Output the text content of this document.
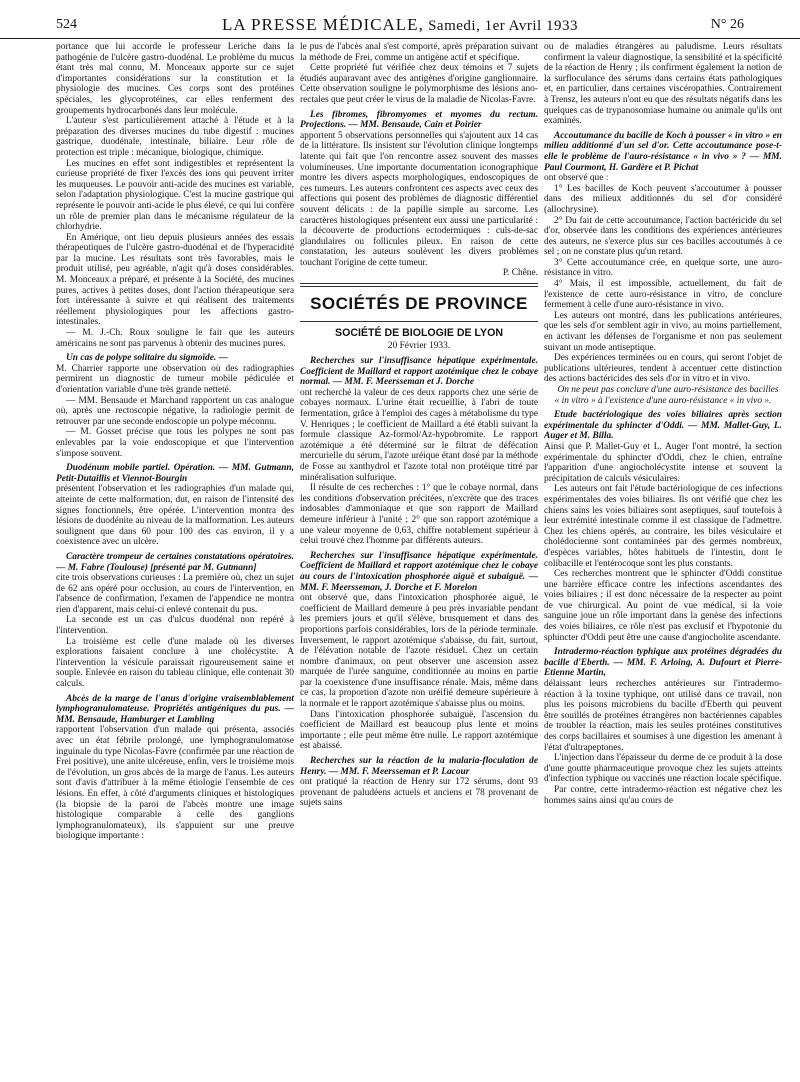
524	LA PRESSE MÉDICALE, Samedi, 1er Avril 1933	N° 26

portance que lui accorde le professeur Leriche dans la pathogénie de l'ulcère gastro-duodénal. Le problème du mucus étant très mal connu, M. Monceaux apporte sur ce sujet d'importantes considérations sur la constitution et la physiologie des mucines. Ces corps sont des protéines spéciales, les glycoprotéines, car elles renferment des groupements hydrocarbonés dans leur molécule.

L'auteur s'est particulièrement attaché à l'étude et à la préparation des diverses mucines du tube digestif : mucines gastrique, duodénale, intestinale, biliaire. Leur rôle de protection est triple : mécanique, biologique, chimique.

Les mucines en effet sont indigestibles et représentent la curieuse propriété de fixer l'excès des ions qui peuvent irriter les muqueuses. Le pouvoir anti-acide des mucines est variable, selon l'adaptation physiologique. C'est la mucine gastrique qui représente le pouvoir anti-acide le plus élevé, ce qui lui confère un rôle de premier plan dans le mécanisme régulateur de la chlorhydrie.

En Amérique, ont lieu depuis plusieurs années des essais thérapeutiques de l'ulcère gastro-duodénal et de l'hyperacidité par la mucine. Les résultats sont très favorables, mais le produit utilisé, peu agréable, n'agit qu'à doses considérables. M. Monceaux a préparé, et présente à la Société, des mucines pures, actives à petites doses, dont l'action thérapeutique sera fort intéressante à suivre et qui réalisent des traitements réellement physiologiques pour les affections gastro-intestinales.

— M. J.-Ch. Roux souligne le fait que les auteurs américains ne sont pas parvenus à obtenir des mucines pures.

Un cas de polype solitaire du sigmoïde. —

M. Charrier rapporte une observation où des radiographies permirent un diagnostic de tumeur mobile pédiculée et d'orientation variable d'une très grande netteté.

— MM. Bensaude et Marchand rapportent un cas analogue où, après une rectoscopie négative, la radiologie permit de retrouver par une seconde endoscopie un polype méconnu.

— M. Gosset précise que tous les polypes ne sont pas enlevables par la voie endoscopique et que l'intervention s'impose souvent.

Duodénum mobile partiel. Opération. — MM. Gutmann, Petit-Dutaillis et Viennot-Bourgin

présentent l'observation et les radiographies d'un malade qui, atteinte de cette malformation, dut, en raison de l'intensité des signes fonctionnels, être opérée. L'intervention montra des lésions de duodénite au niveau de la malformation. Les auteurs soulignent que dans 60 pour 100 des cas environ, il y a coexistence avec un ulcère.

Caractère trompeur de certaines constatations opératoires. — M. Fabre (Toulouse) [présenté par M. Gutmann]

cite trois observations curieuses : La première où, chez un sujet de 62 ans opéré pour occlusion, au cours de l'intervention, en l'absence de confirmation, l'examen de l'appendice ne montra rien d'apparent, mais celui-ci enlevé contenait du pus.

La seconde est un cas d'ulcus duodénal non repéré à l'intervention.

La troisième est celle d'une malade où les diverses explorations faisaient conclure à une cholécystite. A l'intervention la vésicule paraissait rigoureusement saine et souple. Enlevée en raison du tableau clinique, elle contenait 30 calculs.

Abcès de la marge de l'anus d'origine vraisemblablement lymphogranulomateuse. Propriétés antigéniques du pus. — MM. Bensaude, Hamburger et Lambling

rapportent l'observation d'un malade qui présenta, associés avec un état fébrile prolongé, une lymphogranulomatose inguinale du type Nicolas-Favre (confirmée par une réaction de Frei positive), une anite ulcéreuse, enfin, vers le troisième mois de l'évolution, un gros abcès de la marge de l'anus. Les auteurs sont d'avis d'attribuer à la même étiologie l'ensemble de ces lésions. En effet, à côté d'arguments cliniques et histologiques (la biopsie de la paroi de l'abcès montre une image histologique comparable à celle des ganglions lymphogranulomateux), ils s'appuient sur une preuve biologique importante :

le pus de l'abcès anal s'est comporté, après préparation suivant la méthode de Frei, comme un antigène actif et spécifique.

Cette propriété fut vérifiée chez deux témoins et 7 sujets étudiés auparavant avec des antigènes d'origine ganglionnaire. Cette observation souligne le polymorphisme des lésions ano-rectales que peut créer le virus de la maladie de Nicolas-Favre.

Les fibromes, fibromyomes et myomes du rectum. Projections. — MM. Bensaude, Cain et Poirier

apportent 5 observations personnelles qui s'ajoutent aux 14 cas de la littérature. Ils insistent sur l'évolution clinique longtemps latente qui fait que l'on rencontre assez souvent des masses volumineuses. Une importante documentation iconographique montre les divers aspects morphologiques, endoscopiques de ces tumeurs. Les auteurs confrontent ces aspects avec ceux des affections qui posent des problèmes de diagnostic différentiel souvent délicats : de la papille simple au sarcome. Les caractères histologiques présentent eux aussi une particularité : la découverte de productions ectodermiques : culs-de-sac glandulaires ou follicules pileux. En raison de cette constatation, les auteurs soulèvent les divers problèmes touchant l'origine de cette tumeur.

P. Chêne.

SOCIÉTÉS DE PROVINCE
SOCIÉTÉ DE BIOLOGIE DE LYON
20 Février 1933.
Recherches sur l'insuffisance hépatique expérimentale. Coefficient de Maillard et rapport azotémique chez le cobaye normal. — MM. F. Meersseman et J. Dorche

ont recherché la valeur de ces deux rapports chez une série de cobayes normaux. L'urine était recueillie, à l'abri de toute fermentation, grâce à l'emploi des cages à métabolisme du type V. Henriques ; le coefficient de Maillard a été établi suivant la formule classique Az-formol/Az-hypobromite. Le rapport azotémique a été déterminé sur le filtrat de défécation mercurielle du sérum, l'azote uréique étant dosé par la méthode de Fosse au xanthydrol et l'azote total non protéique titré par minéralisation sulfurique.

Il résulte de ces recherches : 1° que le cobaye normal, dans les conditions d'observation précitées, n'excrète que des traces indosables d'ammoniaque et que son rapport de Maillard demeure inférieur à l'unité ; 2° que son rapport azotémique a une valeur moyenne de 0,63, chiffre notablement supérieur à celui trouvé chez l'homme par différents auteurs.

Recherches sur l'insuffisance hépatique expérimentale. Coefficient de Maillard et rapport azotémique chez le cobaye au cours de l'intoxication phosphorée aiguë et subaiguë. — MM. F. Meersseman, J. Dorche et F. Morelon

ont observé que, dans l'intoxication phosphorée aiguë, le coefficient de Maillard demeure à peu près invariable pendant les premiers jours et qu'il s'élève, brusquement et dans des proportions parfois considérables, lors de la période terminale. Inversement, le rapport azotémique s'abaisse, du fait, surtout, de l'élévation notable de l'azote résiduel. Chez un certain nombre d'animaux, on peut observer une ascension assez marquée de l'urée sanguine, conditionnée au moins en partie par la coexistence d'une insuffisance rénale. Mais, même dans ce cas, la proportion d'azote non uréifié demeure supérieure à la normale et le rapport azotémique s'abaisse plus ou moins.

Dans l'intoxication phosphorée subaiguë, l'ascension du coefficient de Maillard est beaucoup plus lente et moins importante ; elle peut même être nulle. Le rapport azotémique est abaissé.

Recherches sur la réaction de la malaria-floculation de Henry. — MM. F. Meersseman et P. Lacour

ont pratiqué la réaction de Henry sur 172 sérums, dont 93 provenant de paludéens actuels et anciens et 78 provenant de sujets sains

ou de maladies étrangères au paludisme. Leurs résultats confirment la valeur diagnostique, la sensibilité et la spécificité de la réaction de Henry ; ils confirment également la notion de la surfloculance des sérums dans certains états pathologiques et, en particulier, dans certaines viscéropathies. Contrairement à Trensz, les auteurs n'ont eu que des résultats négatifs dans les quelques cas de trypanosomiase humaine ou animale qu'ils ont examinés.

Accoutumance du bacille de Koch à pousser « in vitro » en milieu additionné d'un sel d'or. Cette accoutumance pose-t-elle le problème de l'auro-résistance « in vivo » ? — MM. Paul Courmont, H. Gardère et P. Pichat

ont observé que :

1° Les bacilles de Koch peuvent s'accoutumer à pousser dans des milieux additionnés du sel d'or considéré (allochrysine).

2° Du fait de cette accoutumance, l'action bactéricide du sel d'or, observée dans les conditions des expériences antérieures des auteurs, ne s'exerce plus sur ces bacilles accoutumés à ce sel ; on ne constate plus qu'un retard.

3° Cette accoutumance crée, en quelque sorte, une auro-résistance in vitro.

4° Mais, il est impossible, actuellement, du fait de l'existence de cette auro-résistance in vitro, de conclure fermement à celle d'une auro-résistance in vivo.

Les auteurs ont montré, dans les publications antérieures, que les sels d'or semblent agir in vivo, au moins partiellement, en activant les défenses de l'organisme et non pas seulement suivant un mode antiseptique.

Des expériences terminées ou en cours, qui seront l'objet de publications ultérieures, tendent à accentuer cette distinction des actions bactéricides des sels d'or in vitro et in vivo.

On ne peut pas conclure d'une auro-résistance des bacilles « in vitro » à l'existence d'une auro-résistance « in vivo ».

Etude bactériologique des voies biliaires après section expérimentale du sphincter d'Oddi. — MM. Mallet-Guy, L. Auger et M. Billa.

Ainsi que P. Mallet-Guy et L. Auger l'ont montré, la section expérimentale du sphincter d'Oddi, chez le chien, entraîne l'apparition d'une angiocholécystite intense et souvent la précipitation de calculs vésiculaires.

Les auteurs ont fait l'étude bactériologique de ces infections expérimentales des voies biliaires. Ils ont vérifié que chez les chiens sains les voies biliaires sont aseptiques, sauf toutefois à leur extrémité intestinale comme il est classique de l'admettre. Chez les chiens opérés, au contraire, les biles vésiculaire et cholédocienne sont contaminées par des germes nombreux, d'espèces variables, hôtes habituels de l'intestin, dont le colibacille et l'entérocoque sont les plus constants.

Ces recherches montrent que le sphincter d'Oddi constitue une barrière efficace contre les infections ascendantes des voies biliaires ; il est donc nécessaire de la respecter au point de vue chirurgical. Au point de vue médical, si la voie sanguine joue un rôle important dans la genèse des infections des voies biliaires, ce rôle n'est pas exclusif et l'hypotonie du sphincter d'Oddi peut être une cause d'angiocholite ascendante.

Intradermo-réaction typhique aux protéines dégradées du bacille d'Eberth. — MM. F. Arloing, A. Dufourt et Pierre-Etienne Martin,

délaissant leurs recherches antérieures sur l'intradermo-réaction à la toxine typhique, ont utilisé dans ce travail, non plus les poisons microbiens du bacille d'Eberth qui peuvent être souillés de protéines étrangères non bactériennes capables de troubler la réaction, mais les seules protéines constitutives des corps bacillaires et soumises à une digestion les amenant à l'état d'ultrapeptones.

L'injection dans l'épaisseur du derme de ce produit à la dose d'une goutte pharmaceutique provoque chez les sujets atteints d'infection typhique ou vaccinés une réaction locale spécifique.

Par contre, cette intradermo-réaction est négative chez les hommes sains ainsi qu'au cours de
